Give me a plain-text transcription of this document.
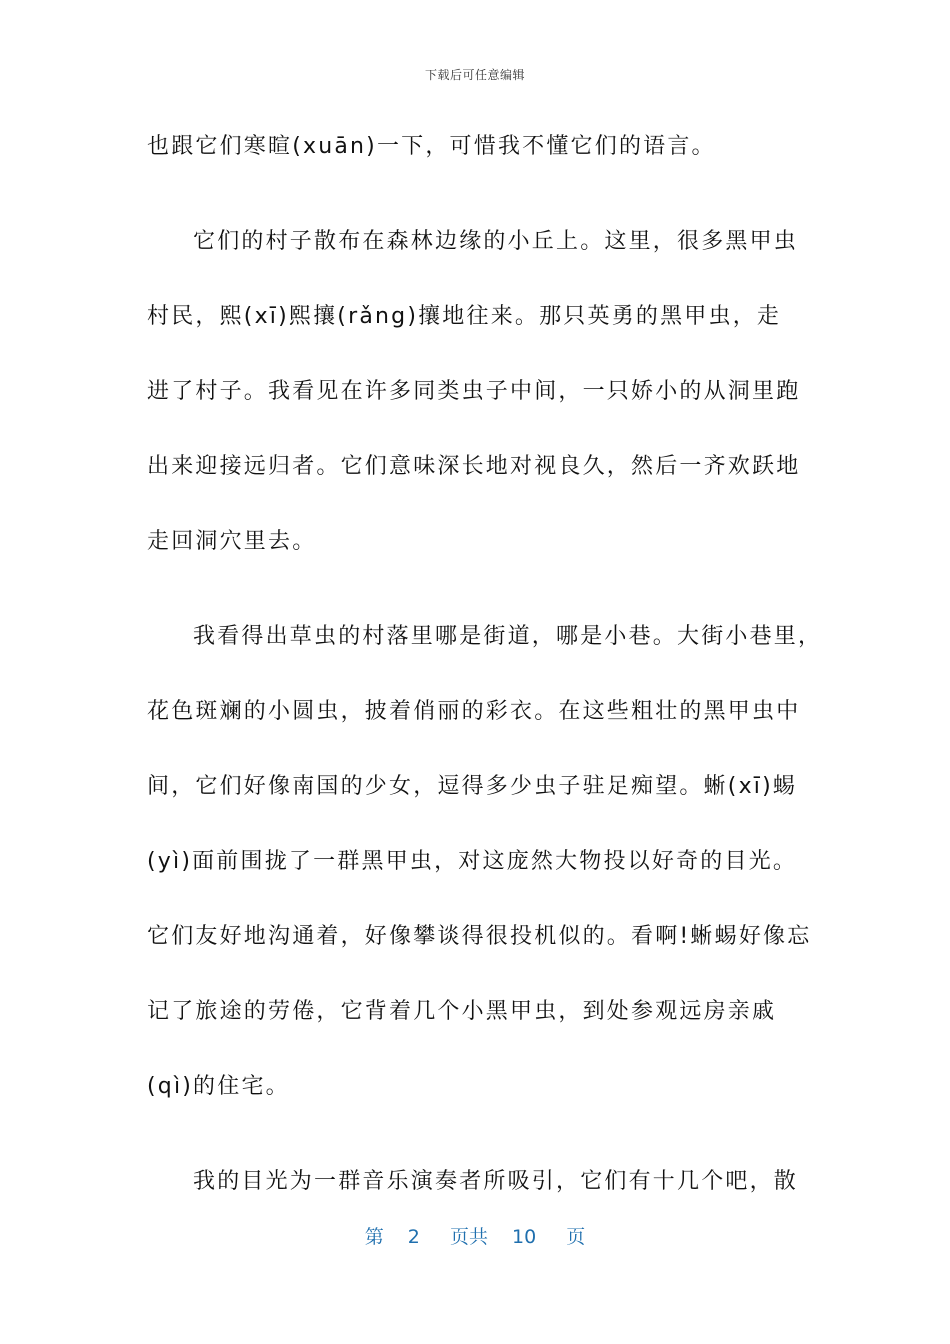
下载后可任意编辑
也跟它们寒暄(xuān)一下，可惜我不懂它们的语言。
它们的村子散布在森林边缘的小丘上。这里，很多黑甲虫
村民，熙(xī)熙攘(rǎng)攘地往来。那只英勇的黑甲虫，走
进了村子。我看见在许多同类虫子中间，一只娇小的从洞里跑
出来迎接远归者。它们意味深长地对视良久，然后一齐欢跃地
走回洞穴里去。
我看得出草虫的村落里哪是街道，哪是小巷。大街小巷里，
花色斑斓的小圆虫，披着俏丽的彩衣。在这些粗壮的黑甲虫中
间，它们好像南国的少女，逗得多少虫子驻足痴望。蜥(xī)蜴
(yì)面前围拢了一群黑甲虫，对这庞然大物投以好奇的目光。
它们友好地沟通着，好像攀谈得很投机似的。看啊!蜥蜴好像忘
记了旅途的劳倦，它背着几个小黑甲虫，到处参观远房亲戚
(qì)的住宅。
我的目光为一群音乐演奏者所吸引，它们有十几个吧，散
第 2 页共 10 页
